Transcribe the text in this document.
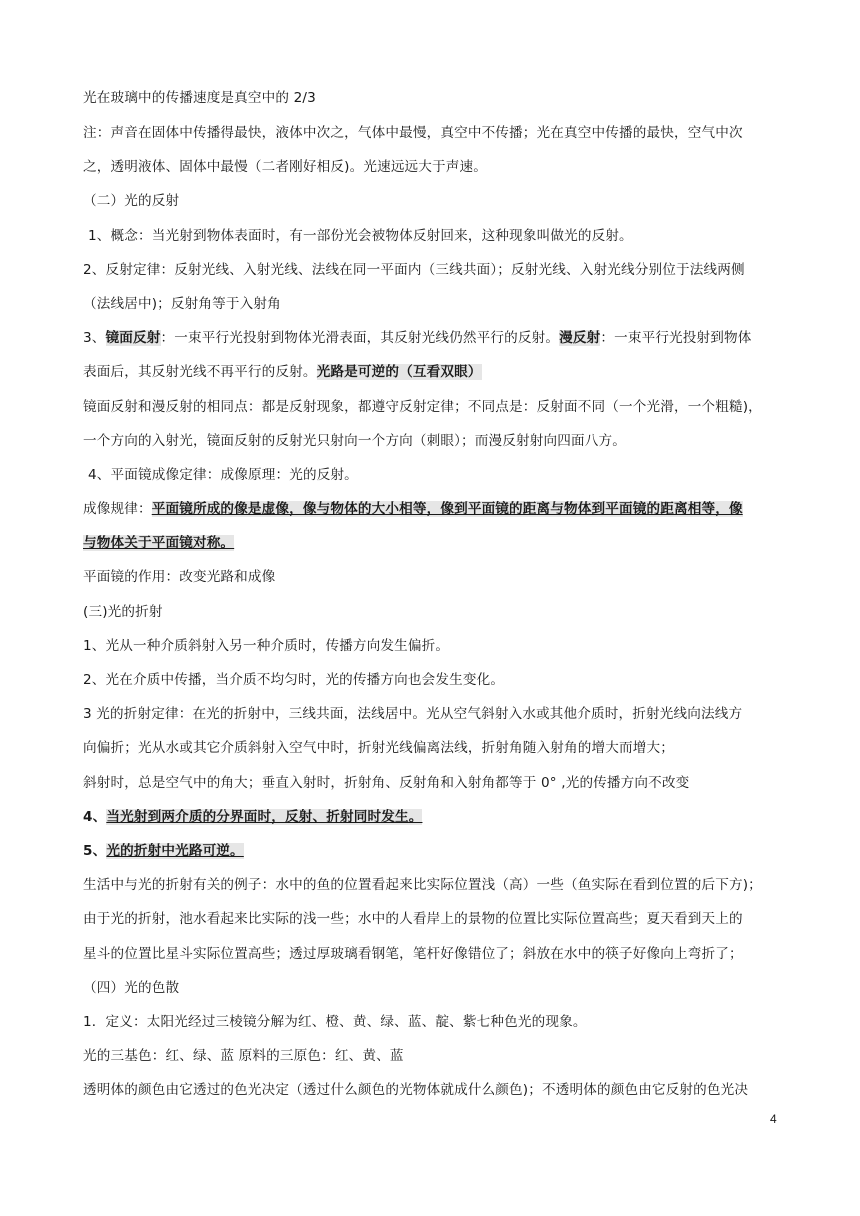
光在玻璃中的传播速度是真空中的 2/3
注：声音在固体中传播得最快，液体中次之，气体中最慢，真空中不传播；光在真空中传播的最快，空气中次
之，透明液体、固体中最慢（二者刚好相反)。光速远远大于声速。
（二）光的反射
1、概念：当光射到物体表面时，有一部份光会被物体反射回来，这种现象叫做光的反射。
2、反射定律：反射光线、入射光线、法线在同一平面内（三线共面）；反射光线、入射光线分别位于法线两侧
（法线居中)；反射角等于入射角
3、镜面反射：一束平行光投射到物体光滑表面，其反射光线仍然平行的反射。漫反射：一束平行光投射到物体
表面后，其反射光线不再平行的反射。光路是可逆的（互看双眼）
镜面反射和漫反射的相同点：都是反射现象，都遵守反射定律；不同点是：反射面不同（一个光滑，一个粗糙)，
一个方向的入射光，镜面反射的反射光只射向一个方向（刺眼）；而漫反射射向四面八方。
4、平面镜成像定律：成像原理：光的反射。
成像规律：平面镜所成的像是虚像，像与物体的大小相等，像到平面镜的距离与物体到平面镜的距离相等，像
与物体关于平面镜对称。
平面镜的作用：改变光路和成像
(三)光的折射
1、光从一种介质斜射入另一种介质时，传播方向发生偏折。
2、光在介质中传播，当介质不均匀时，光的传播方向也会发生变化。
3 光的折射定律：在光的折射中，三线共面，法线居中。光从空气斜射入水或其他介质时，折射光线向法线方
向偏折；光从水或其它介质斜射入空气中时，折射光线偏离法线，折射角随入射角的增大而增大；
斜射时，总是空气中的角大；垂直入射时，折射角、反射角和入射角都等于 0° ,光的传播方向不改变
4、当光射到两介质的分界面时，反射、折射同时发生。
5、光的折射中光路可逆。
生活中与光的折射有关的例子：水中的鱼的位置看起来比实际位置浅（高）一些（鱼实际在看到位置的后下方)；
由于光的折射，池水看起来比实际的浅一些；水中的人看岸上的景物的位置比实际位置高些；夏天看到天上的
星斗的位置比星斗实际位置高些；透过厚玻璃看钢笔，笔杆好像错位了；斜放在水中的筷子好像向上弯折了；
（四）光的色散
1．定义：太阳光经过三棱镜分解为红、橙、黄、绿、蓝、靛、紫七种色光的现象。
光的三基色：红、绿、蓝 原料的三原色：红、黄、蓝
透明体的颜色由它透过的色光决定（透过什么颜色的光物体就成什么颜色)；不透明体的颜色由它反射的色光决
4
